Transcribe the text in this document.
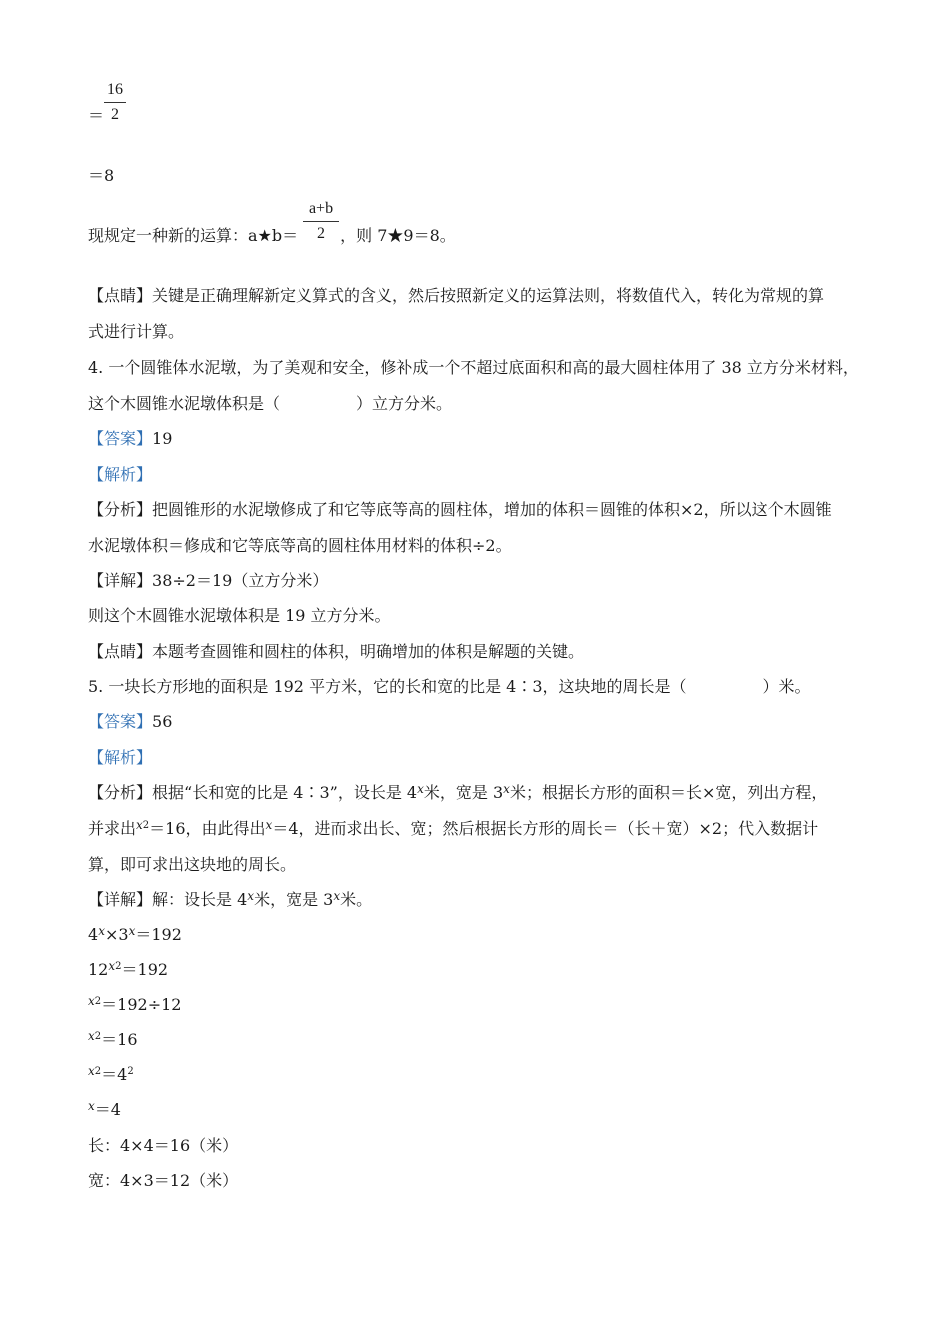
16
2
＝
＝8
现规定一种新的运算：a★b＝	，则 7★9＝8。
a+b
2
【点睛】关键是正确理解新定义算式的含义，然后按照新定义的运算法则，将数值代入，转化为常规的算
式进行计算。
4. 一个圆锥体水泥墩，为了美观和安全，修补成一个不超过底面积和高的最大圆柱体用了 38 立方分米材料，
这个木圆锥水泥墩体积是（	）立方分米。
【答案】19
【解析】
【分析】把圆锥形的水泥墩修成了和它等底等高的圆柱体，增加的体积＝圆锥的体积×2，所以这个木圆锥
水泥墩体积＝修成和它等底等高的圆柱体用材料的体积÷2。
【详解】38÷2＝19（立方分米）
则这个木圆锥水泥墩体积是 19 立方分米。
【点睛】本题考查圆锥和圆柱的体积，明确增加的体积是解题的关键。
5. 一块长方形地的面积是 192 平方米，它的长和宽的比是 4∶3，这块地的周长是（	）米。
【答案】56
【解析】
【分析】根据“长和宽的比是 4∶3”，设长是 4$^x$米，宽是 3$^x$米；根据长方形的面积＝长×宽，列出方程，
并求出$^{x2}$＝16，由此得出$^x$＝4，进而求出长、宽；然后根据长方形的周长＝（长＋宽）×2；代入数据计
算，即可求出这块地的周长。
【详解】解：设长是 4$^x$米，宽是 3$^x$米。
$4^x\times 3^x=192$
$12^{x2}=192$
$^{x2}$＝192÷12
$^{x2}$＝16
$^{x2}=4^2$
$^x$＝4
长：4×4＝16（米）
宽：4×3＝12（米）
